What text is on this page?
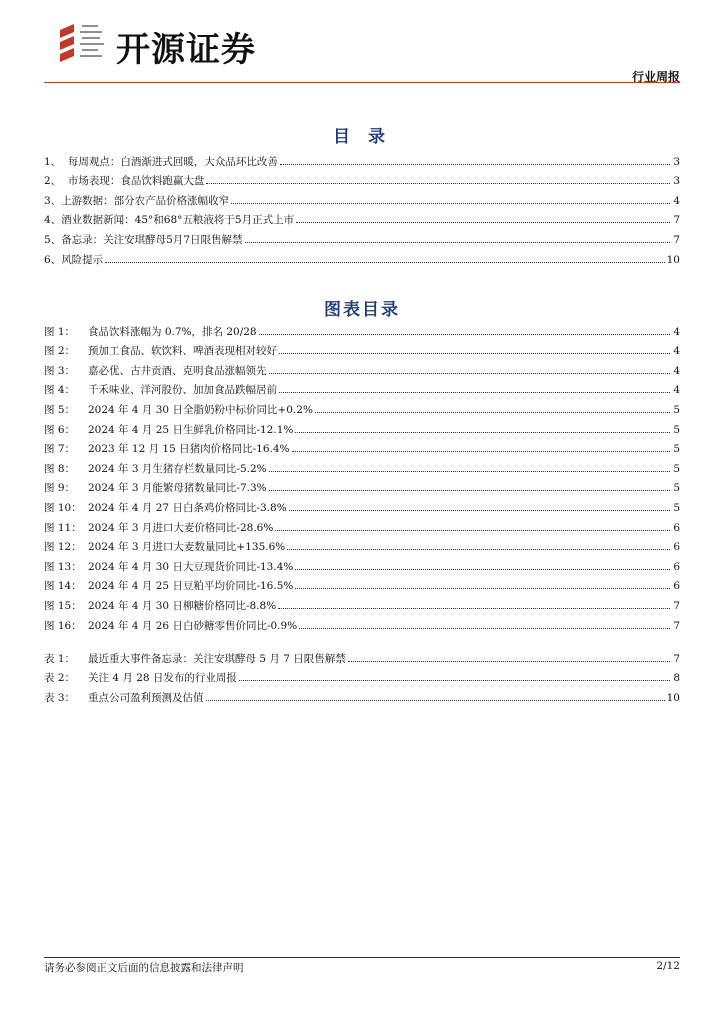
开源证券
行业周报
目 录
1、 每周观点：白酒渐进式回暖，大众品环比改善	3
2、 市场表现：食品饮料跑赢大盘	3
3、 上游数据：部分农产品价格涨幅收窄	4
4、 酒业数据新闻：45°和68°五粮液将于5月正式上市	7
5、 备忘录：关注安琪酵母5月7日限售解禁	7
6、 风险提示	10
图表目录
图 1：	食品饮料涨幅为 0.7%，排名 20/28	4
图 2：	预加工食品、软饮料、啤酒表现相对较好	4
图 3：	嘉必优、古井贡酒、克明食品涨幅领先	4
图 4：	千禾味业、洋河股份、加加食品跌幅居前	4
图 5：	2024 年 4 月 30 日全脂奶粉中标价同比+0.2%	5
图 6：	2024 年 4 月 25 日生鲜乳价格同比-12.1%	5
图 7：	2023 年 12 月 15 日猪肉价格同比-16.4%	5
图 8：	2024 年 3 月生猪存栏数量同比-5.2%	5
图 9：	2024 年 3 月能繁母猪数量同比-7.3%	5
图 10： 2024 年 4 月 27 日白条鸡价格同比-3.8%	5
图 11： 2024 年 3 月进口大麦价格同比-28.6%	6
图 12： 2024 年 3 月进口大麦数量同比+135.6%	6
图 13： 2024 年 4 月 30 日大豆现货价同比-13.4%	6
图 14： 2024 年 4 月 25 日豆粕平均价同比-16.5%	6
图 15： 2024 年 4 月 30 日柳糖价格同比-8.8%	7
图 16： 2024 年 4 月 26 日白砂糖零售价同比-0.9%	7
表 1：	最近重大事件备忘录：关注安琪酵母 5 月 7 日限售解禁	7
表 2：	关注 4 月 28 日发布的行业周报	8
表 3：	重点公司盈利预测及估值	10
请务必参阅正文后面的信息披露和法律声明	2/12
